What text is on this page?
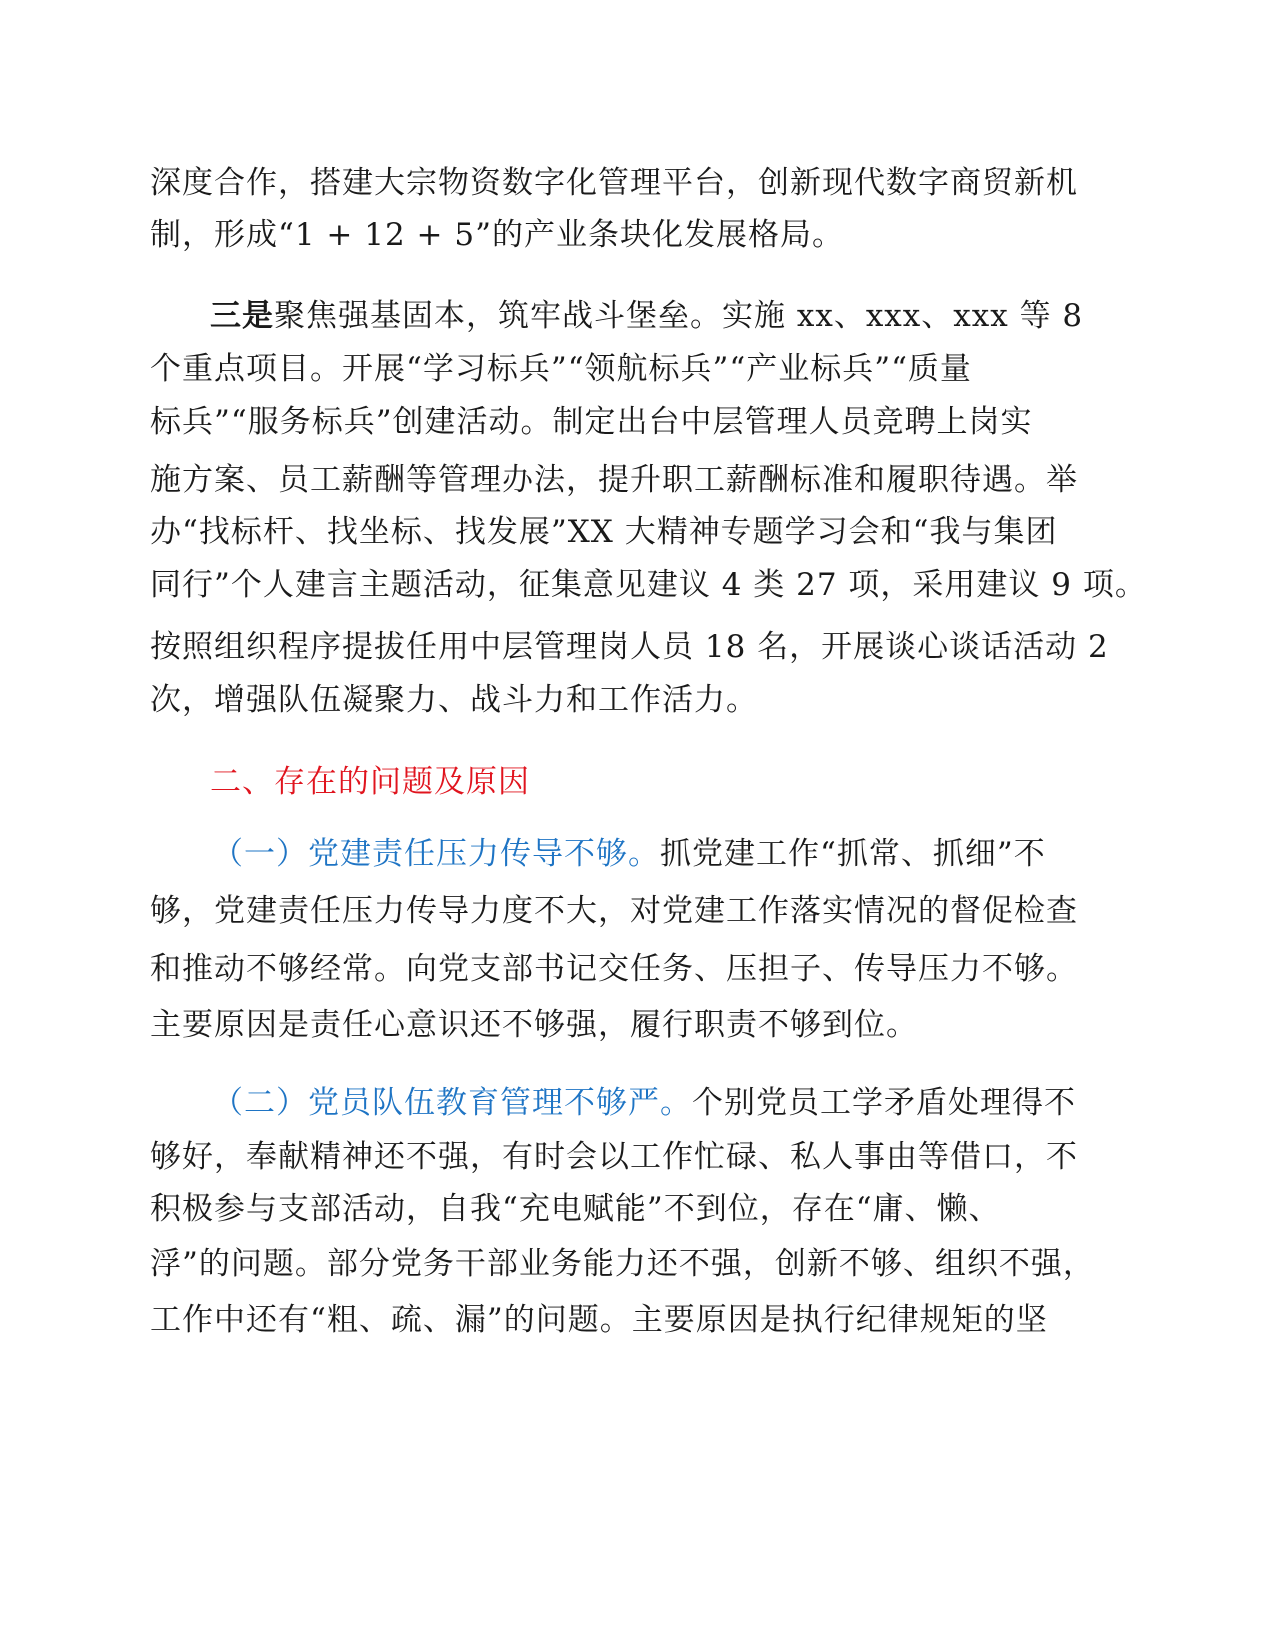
深度合作，搭建大宗物资数字化管理平台，创新现代数字商贸新机
制，形成“1 + 12 + 5”的产业条块化发展格局。
三是聚焦强基固本，筑牢战斗堡垒。实施 xx、xxx、xxx 等 8
个重点项目。开展“学习标兵”“领航标兵”“产业标兵”“质量
标兵”“服务标兵”创建活动。制定出台中层管理人员竞聘上岗实
施方案、员工薪酬等管理办法，提升职工薪酬标准和履职待遇。举
办“找标杆、找坐标、找发展”XX 大精神专题学习会和“我与集团
同行”个人建言主题活动，征集意见建议 4 类 27 项，采用建议 9 项。
按照组织程序提拔任用中层管理岗人员 18 名，开展谈心谈话活动 2
次，增强队伍凝聚力、战斗力和工作活力。
二、存在的问题及原因
（一）党建责任压力传导不够。抓党建工作“抓常、抓细”不
够，党建责任压力传导力度不大，对党建工作落实情况的督促检查
和推动不够经常。向党支部书记交任务、压担子、传导压力不够。
主要原因是责任心意识还不够强，履行职责不够到位。
（二）党员队伍教育管理不够严。个别党员工学矛盾处理得不
够好，奉献精神还不强，有时会以工作忙碌、私人事由等借口，不
积极参与支部活动，自我“充电赋能”不到位，存在“庸、懒、
浮”的问题。部分党务干部业务能力还不强，创新不够、组织不强，
工作中还有“粗、疏、漏”的问题。主要原因是执行纪律规矩的坚
